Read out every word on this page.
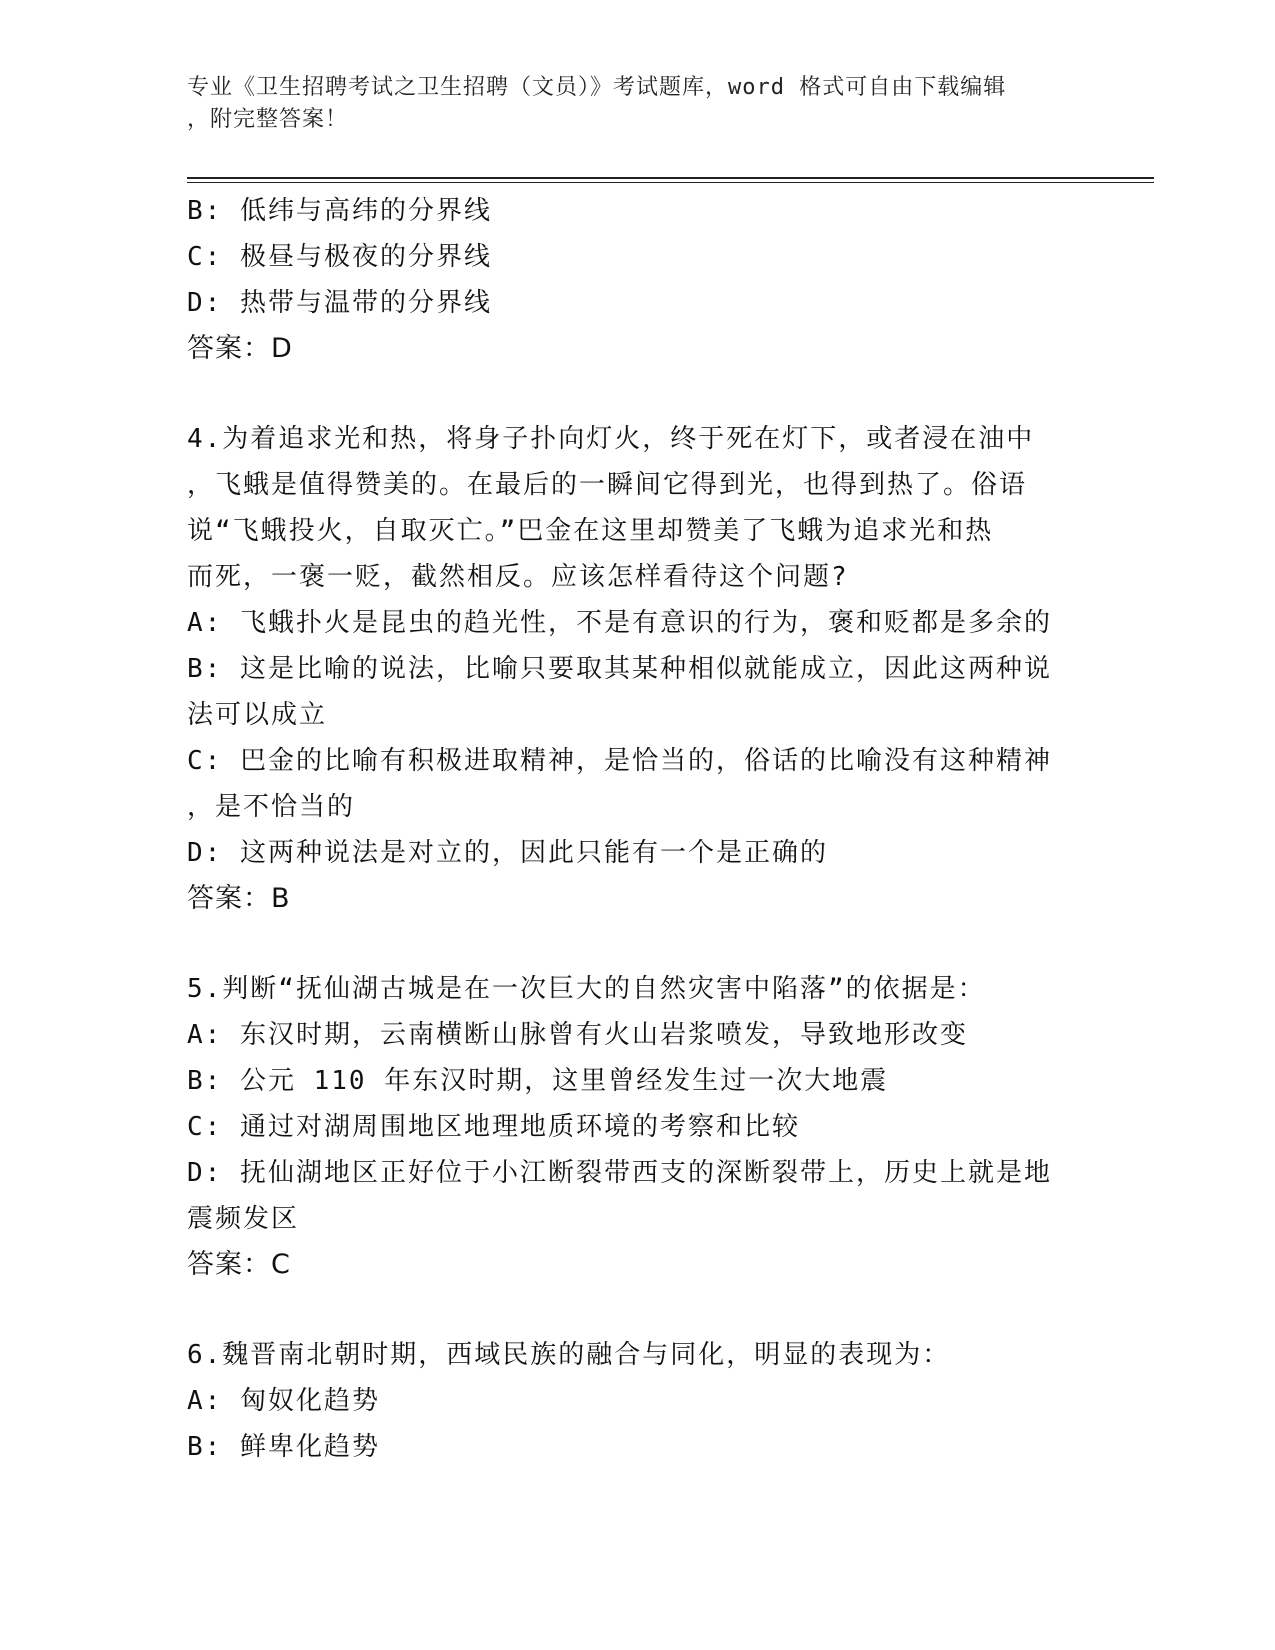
专业《卫生招聘考试之卫生招聘（文员）》考试题库，word 格式可自由下载编辑
，附完整答案！
B: 低纬与高纬的分界线
C: 极昼与极夜的分界线
D: 热带与温带的分界线
答案：D
4.为着追求光和热，将身子扑向灯火，终于死在灯下，或者浸在油中
，飞蛾是值得赞美的。在最后的一瞬间它得到光，也得到热了。俗语
说“飞蛾投火，自取灭亡。”巴金在这里却赞美了飞蛾为追求光和热
而死，一褒一贬，截然相反。应该怎样看待这个问题?
A: 飞蛾扑火是昆虫的趋光性，不是有意识的行为，褒和贬都是多余的
B: 这是比喻的说法，比喻只要取其某种相似就能成立，因此这两种说
法可以成立
C: 巴金的比喻有积极进取精神，是恰当的，俗话的比喻没有这种精神
，是不恰当的
D: 这两种说法是对立的，因此只能有一个是正确的
答案：B
5.判断“抚仙湖古城是在一次巨大的自然灾害中陷落”的依据是：
A: 东汉时期，云南横断山脉曾有火山岩浆喷发，导致地形改变
B: 公元 110 年东汉时期，这里曾经发生过一次大地震
C: 通过对湖周围地区地理地质环境的考察和比较
D: 抚仙湖地区正好位于小江断裂带西支的深断裂带上，历史上就是地
震频发区
答案：C
6.魏晋南北朝时期，西域民族的融合与同化，明显的表现为：
A: 匈奴化趋势
B: 鲜卑化趋势
